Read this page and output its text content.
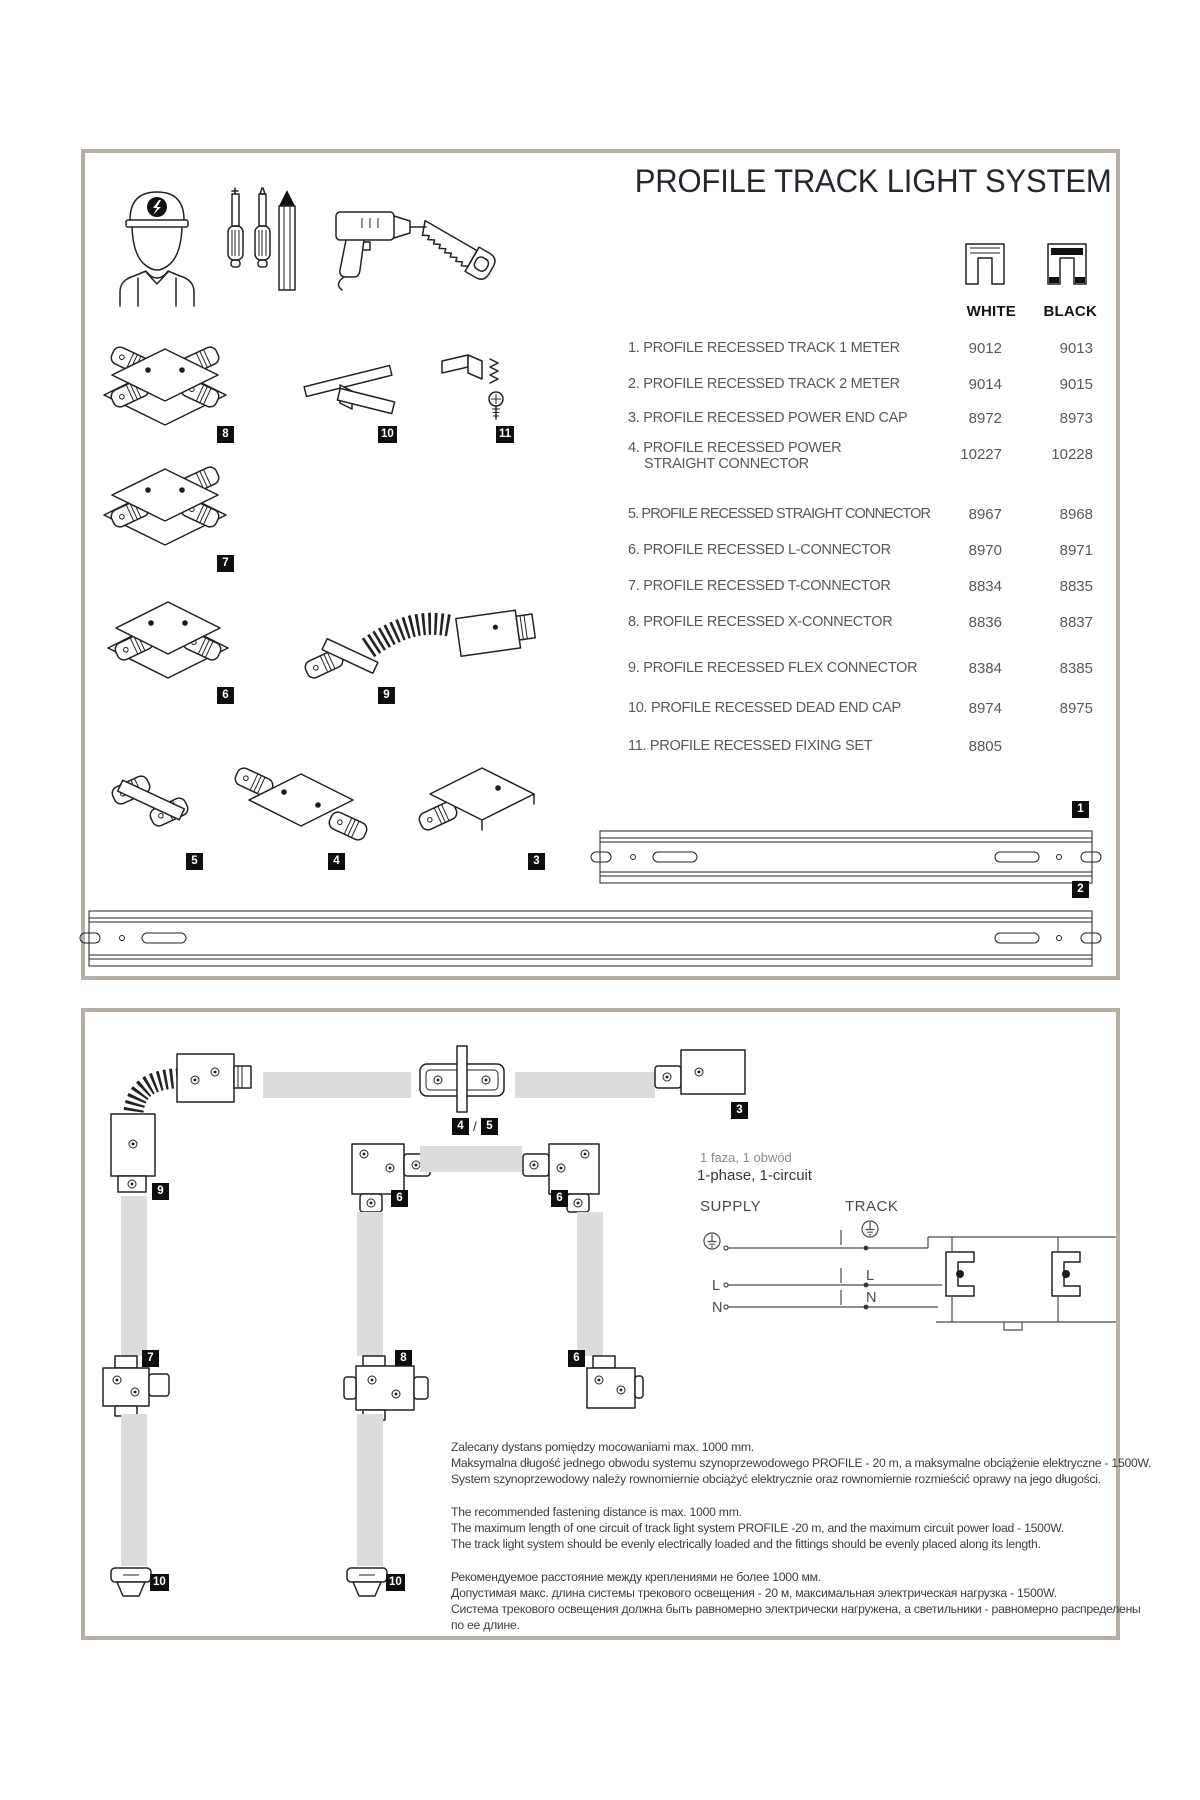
PROFILE TRACK LIGHT SYSTEM
WHITE	BLACK
1. PROFILE RECESSED TRACK 1 METER	9012	9013
2. PROFILE RECESSED TRACK 2 METER	9014	9015
3. PROFILE RECESSED POWER END CAP	8972	8973
4. PROFILE RECESSED POWER
STRAIGHT CONNECTOR
10227	10228
5. PROFILE RECESSED STRAIGHT CONNECTOR	8967	8968
6. PROFILE RECESSED L-CONNECTOR	8970	8971
7. PROFILE RECESSED T-CONNECTOR	8834	8835
8. PROFILE RECESSED X-CONNECTOR	8836	8837
9. PROFILE RECESSED FLEX CONNECTOR	8384	8385
10. PROFILE RECESSED DEAD END CAP	8974	8975
11. PROFILE RECESSED FIXING SET	8805
8	10	11
7
6	9
5	4	3
1
2
9
4 / 5
3
6	6
7	8	6
10	10
1 faza, 1 obwód
1-phase, 1-circuit
SUPPLY	TRACK
L
L
N
N
Zalecany dystans pomiędzy mocowaniami max. 1000 mm.
Maksymalna długość jednego obwodu systemu szynoprzewodowego PROFILE - 20 m, a maksymalne obciążenie elektryczne - 1500W.
System szynoprzewodowy należy rownomiernie obciążyć elektrycznie oraz rownomiernie rozmieścić oprawy na jego długości.
The recommended fastening distance is max. 1000 mm.
The maximum length of one circuit of track light system PROFILE -20 m, and the maximum circuit power load - 1500W.
The track light system should be evenly electrically loaded and the fittings should be evenly placed along its length.
Рекомендуемое расстояние между креплениями не более 1000 мм.
Допустимая макс. длина системы трекового освещения - 20 м, максимальная электрическая нагрузка - 1500W.
Система трекового освещения должна быть равномерно электрически нагружена, а светильники - равномерно распределены
по ее длине.
